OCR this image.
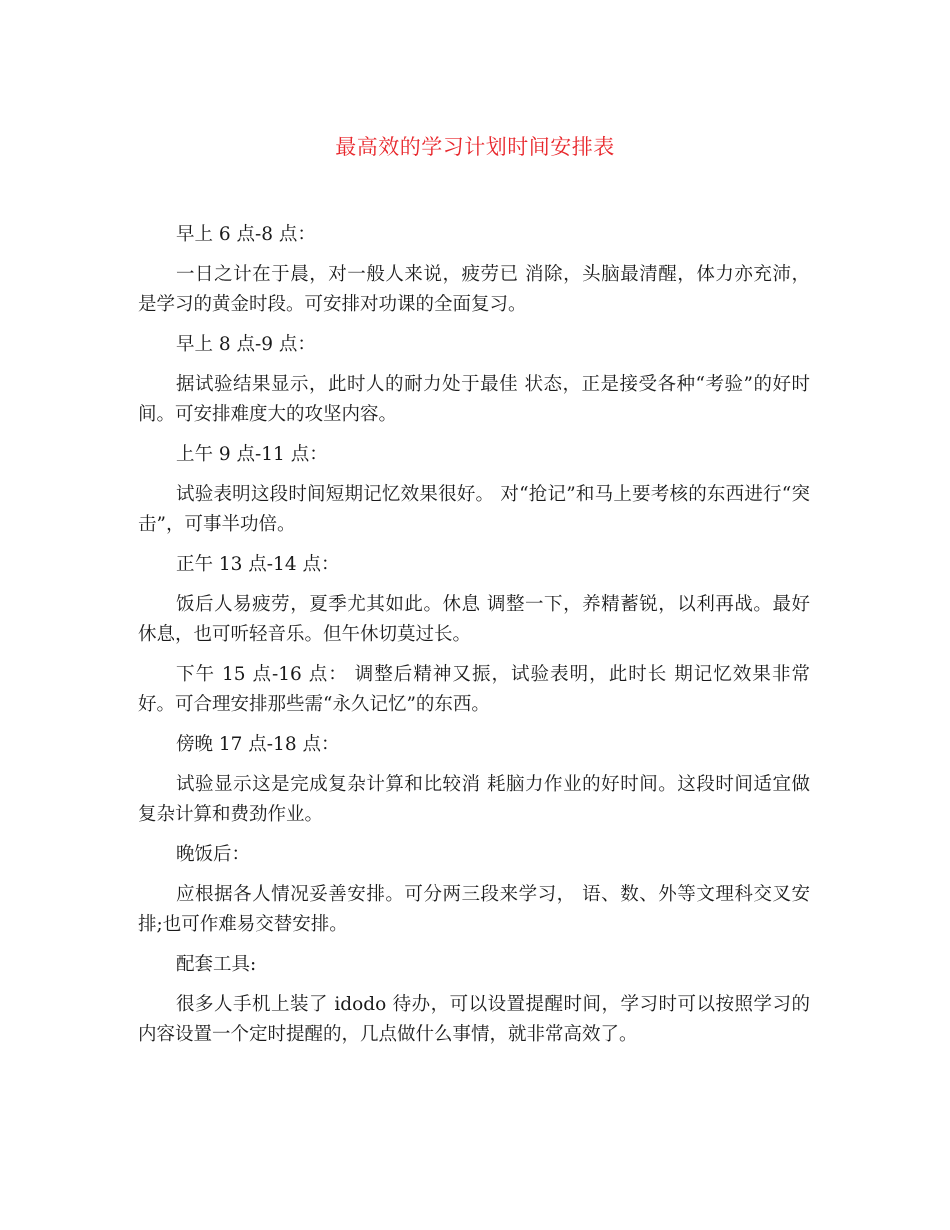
最高效的学习计划时间安排表

早上 6 点-8 点：

一日之计在于晨，对一般人来说，疲劳已 消除，头脑最清醒，体力亦充沛，是学习的黄金时段。可安排对功课的全面复习。

早上 8 点-9 点：

据试验结果显示，此时人的耐力处于最佳 状态，正是接受各种“考验”的好时间。可安排难度大的攻坚内容。

上午 9 点-11 点：

试验表明这段时间短期记忆效果很好。 对“抢记”和马上要考核的东西进行“突击”，可事半功倍。

正午 13 点-14 点：

饭后人易疲劳，夏季尤其如此。休息 调整一下，养精蓄锐，以利再战。最好休息，也可听轻音乐。但午休切莫过长。

下午 15 点-16 点： 调整后精神又振，试验表明，此时长 期记忆效果非常好。可合理安排那些需“永久记忆”的东西。

傍晚 17 点-18 点：

试验显示这是完成复杂计算和比较消 耗脑力作业的好时间。这段时间适宜做复杂计算和费劲作业。

晚饭后：

应根据各人情况妥善安排。可分两三段来学习， 语、数、外等文理科交叉安排;也可作难易交替安排。

配套工具:

很多人手机上装了 idodo 待办，可以设置提醒时间，学习时可以按照学习的内容设置一个定时提醒的，几点做什么事情，就非常高效了。
